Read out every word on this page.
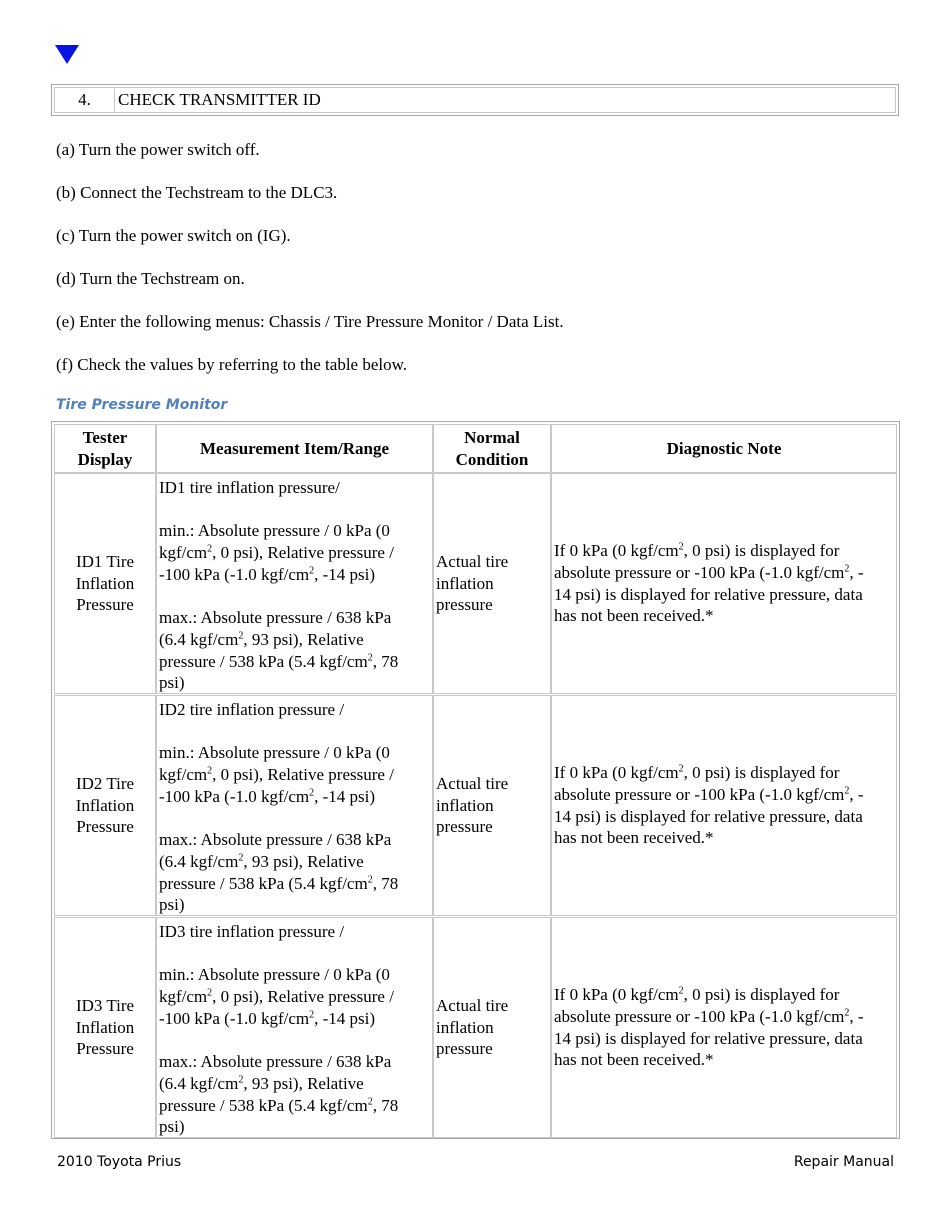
4.	CHECK TRANSMITTER ID
(a) Turn the power switch off.
(b) Connect the Techstream to the DLC3.
(c) Turn the power switch on (IG).
(d) Turn the Techstream on.
(e) Enter the following menus: Chassis / Tire Pressure Monitor / Data List.
(f) Check the values by referring to the table below.
Tire Pressure Monitor
Tester
Display
Measurement Item/Range
Normal
Condition
Diagnostic Note
ID1 Tire
Inflation
Pressure
ID1 tire inflation pressure/

min.: Absolute pressure / 0 kPa (0
kgf/$cm^2$, 0 psi), Relative pressure /
-100 kPa (-1.0 kgf/$cm^2$, -14 psi)

max.: Absolute pressure / 638 kPa
(6.4 kgf/$cm^2$, 93 psi), Relative
pressure / 538 kPa (5.4 kgf/$cm^2$, 78
psi)
Actual tire
inflation
pressure
If 0 kPa (0 kgf/$cm^2$, 0 psi) is displayed for
absolute pressure or -100 kPa (-1.0 kgf/$cm^2$, -
14 psi) is displayed for relative pressure, data
has not been received.*
ID2 Tire
Inflation
Pressure
ID2 tire inflation pressure /

min.: Absolute pressure / 0 kPa (0
kgf/$cm^2$, 0 psi), Relative pressure /
-100 kPa (-1.0 kgf/$cm^2$, -14 psi)

max.: Absolute pressure / 638 kPa
(6.4 kgf/$cm^2$, 93 psi), Relative
pressure / 538 kPa (5.4 kgf/$cm^2$, 78
psi)
Actual tire
inflation
pressure
If 0 kPa (0 kgf/$cm^2$, 0 psi) is displayed for
absolute pressure or -100 kPa (-1.0 kgf/$cm^2$, -
14 psi) is displayed for relative pressure, data
has not been received.*
ID3 Tire
Inflation
Pressure
ID3 tire inflation pressure /

min.: Absolute pressure / 0 kPa (0
kgf/$cm^2$, 0 psi), Relative pressure /
-100 kPa (-1.0 kgf/$cm^2$, -14 psi)

max.: Absolute pressure / 638 kPa
(6.4 kgf/$cm^2$, 93 psi), Relative
pressure / 538 kPa (5.4 kgf/$cm^2$, 78
psi)
Actual tire
inflation
pressure
If 0 kPa (0 kgf/$cm^2$, 0 psi) is displayed for
absolute pressure or -100 kPa (-1.0 kgf/$cm^2$, -
14 psi) is displayed for relative pressure, data
has not been received.*
2010 Toyota Prius	Repair Manual
